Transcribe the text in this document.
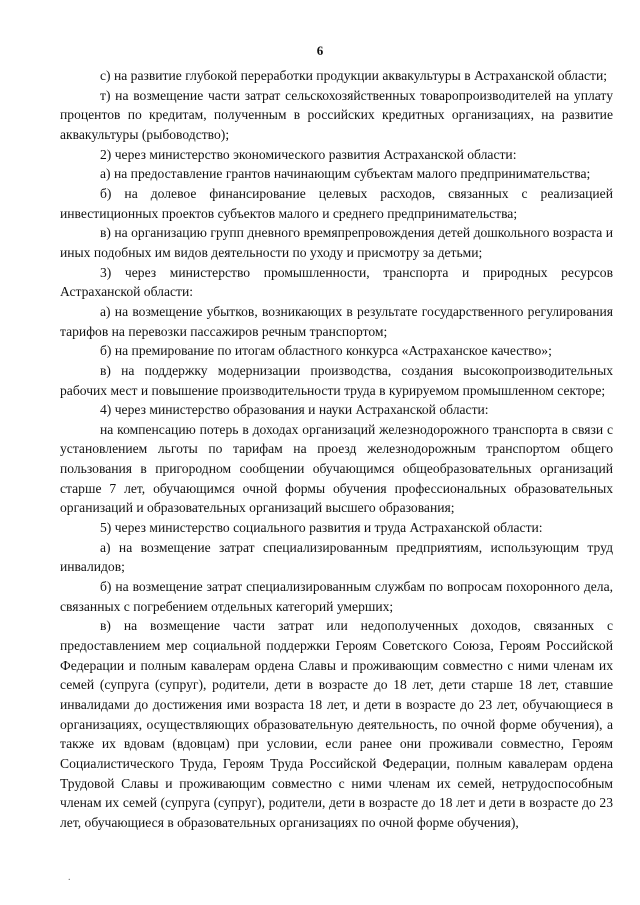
6

с) на развитие глубокой переработки продукции аквакультуры в Астраханской области;

т) на возмещение части затрат сельскохозяйственных товаропроизводителей на уплату процентов по кредитам, полученным в российских кредитных организациях, на развитие аквакультуры (рыбоводство);

2) через министерство экономического развития Астраханской области:

а) на предоставление грантов начинающим субъектам малого предпринимательства;

б) на долевое финансирование целевых расходов, связанных с реализацией инвестиционных проектов субъектов малого и среднего предпринимательства;

в) на организацию групп дневного времяпрепровождения детей дошкольного возраста и иных подобных им видов деятельности по уходу и присмотру за детьми;

3) через министерство промышленности, транспорта и природных ресурсов Астраханской области:

а) на возмещение убытков, возникающих в результате государственного регулирования тарифов на перевозки пассажиров речным транспортом;

б) на премирование по итогам областного конкурса «Астраханское качество»;

в) на поддержку модернизации производства, создания высокопроизводительных рабочих мест и повышение производительности труда в курируемом промышленном секторе;

4) через министерство образования и науки Астраханской области:

на компенсацию потерь в доходах организаций железнодорожного транспорта в связи с установлением льготы по тарифам на проезд железнодорожным транспортом общего пользования в пригородном сообщении обучающимся общеобразовательных организаций старше 7 лет, обучающимся очной формы обучения профессиональных образовательных организаций и образовательных организаций высшего образования;

5) через министерство социального развития и труда Астраханской области:

а) на возмещение затрат специализированным предприятиям, использующим труд инвалидов;

б) на возмещение затрат специализированным службам по вопросам похоронного дела, связанных с погребением отдельных категорий умерших;

в) на возмещение части затрат или недополученных доходов, связанных с предоставлением мер социальной поддержки Героям Советского Союза, Героям Российской Федерации и полным кавалерам ордена Славы и проживающим совместно с ними членам их семей (супруга (супруг), родители, дети в возрасте до 18 лет, дети старше 18 лет, ставшие инвалидами до достижения ими возраста 18 лет, и дети в возрасте до 23 лет, обучающиеся в организациях, осуществляющих образовательную деятельность, по очной форме обучения), а также их вдовам (вдовцам) при условии, если ранее они проживали совместно, Героям Социалистического Труда, Героям Труда Российской Федерации, полным кавалерам ордена Трудовой Славы и проживающим совместно с ними членам их семей, нетрудоспособным членам их семей (супруга (супруг), родители, дети в возрасте до 18 лет и дети в возрасте до 23 лет, обучающиеся в образовательных организациях по очной форме обучения),

.
